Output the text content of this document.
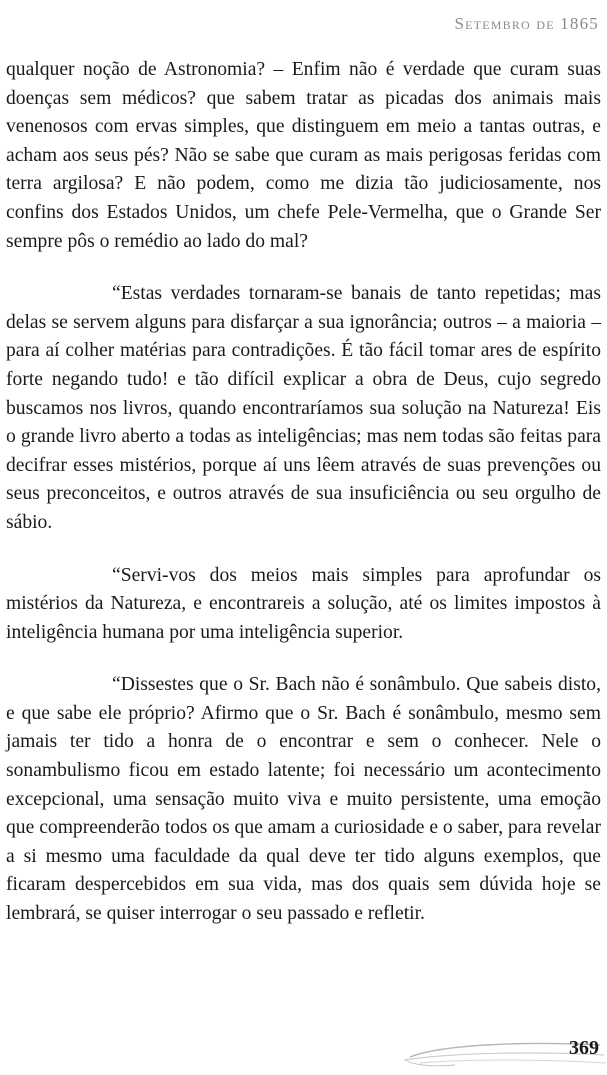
Setembro de 1865

qualquer noção de Astronomia? – Enfim não é verdade que curam suas doenças sem médicos? que sabem tratar as picadas dos animais mais venenosos com ervas simples, que distinguem em meio a tantas outras, e acham aos seus pés? Não se sabe que curam as mais perigosas feridas com terra argilosa? E não podem, como me dizia tão judiciosamente, nos confins dos Estados Unidos, um chefe Pele-Vermelha, que o Grande Ser sempre pôs o remédio ao lado do mal?

“Estas verdades tornaram-se banais de tanto repetidas; mas delas se servem alguns para disfarçar a sua ignorância; outros – a maioria – para aí colher matérias para contradições. É tão fácil tomar ares de espírito forte negando tudo! e tão difícil explicar a obra de Deus, cujo segredo buscamos nos livros, quando encontraríamos sua solução na Natureza! Eis o grande livro aberto a todas as inteligências; mas nem todas são feitas para decifrar esses mistérios, porque aí uns lêem através de suas prevenções ou seus preconceitos, e outros através de sua insuficiência ou seu orgulho de sábio.

“Servi-vos dos meios mais simples para aprofundar os mistérios da Natureza, e encontrareis a solução, até os limites impostos à inteligência humana por uma inteligência superior.

“Dissestes que o Sr. Bach não é sonâmbulo. Que sabeis disto, e que sabe ele próprio? Afirmo que o Sr. Bach é sonâmbulo, mesmo sem jamais ter tido a honra de o encontrar e sem o conhecer. Nele o sonambulismo ficou em estado latente; foi necessário um acontecimento excepcional, uma sensação muito viva e muito persistente, uma emoção que compreenderão todos os que amam a curiosidade e o saber, para revelar a si mesmo uma faculdade da qual deve ter tido alguns exemplos, que ficaram despercebidos em sua vida, mas dos quais sem dúvida hoje se lembrará, se quiser interrogar o seu passado e refletir.

369
